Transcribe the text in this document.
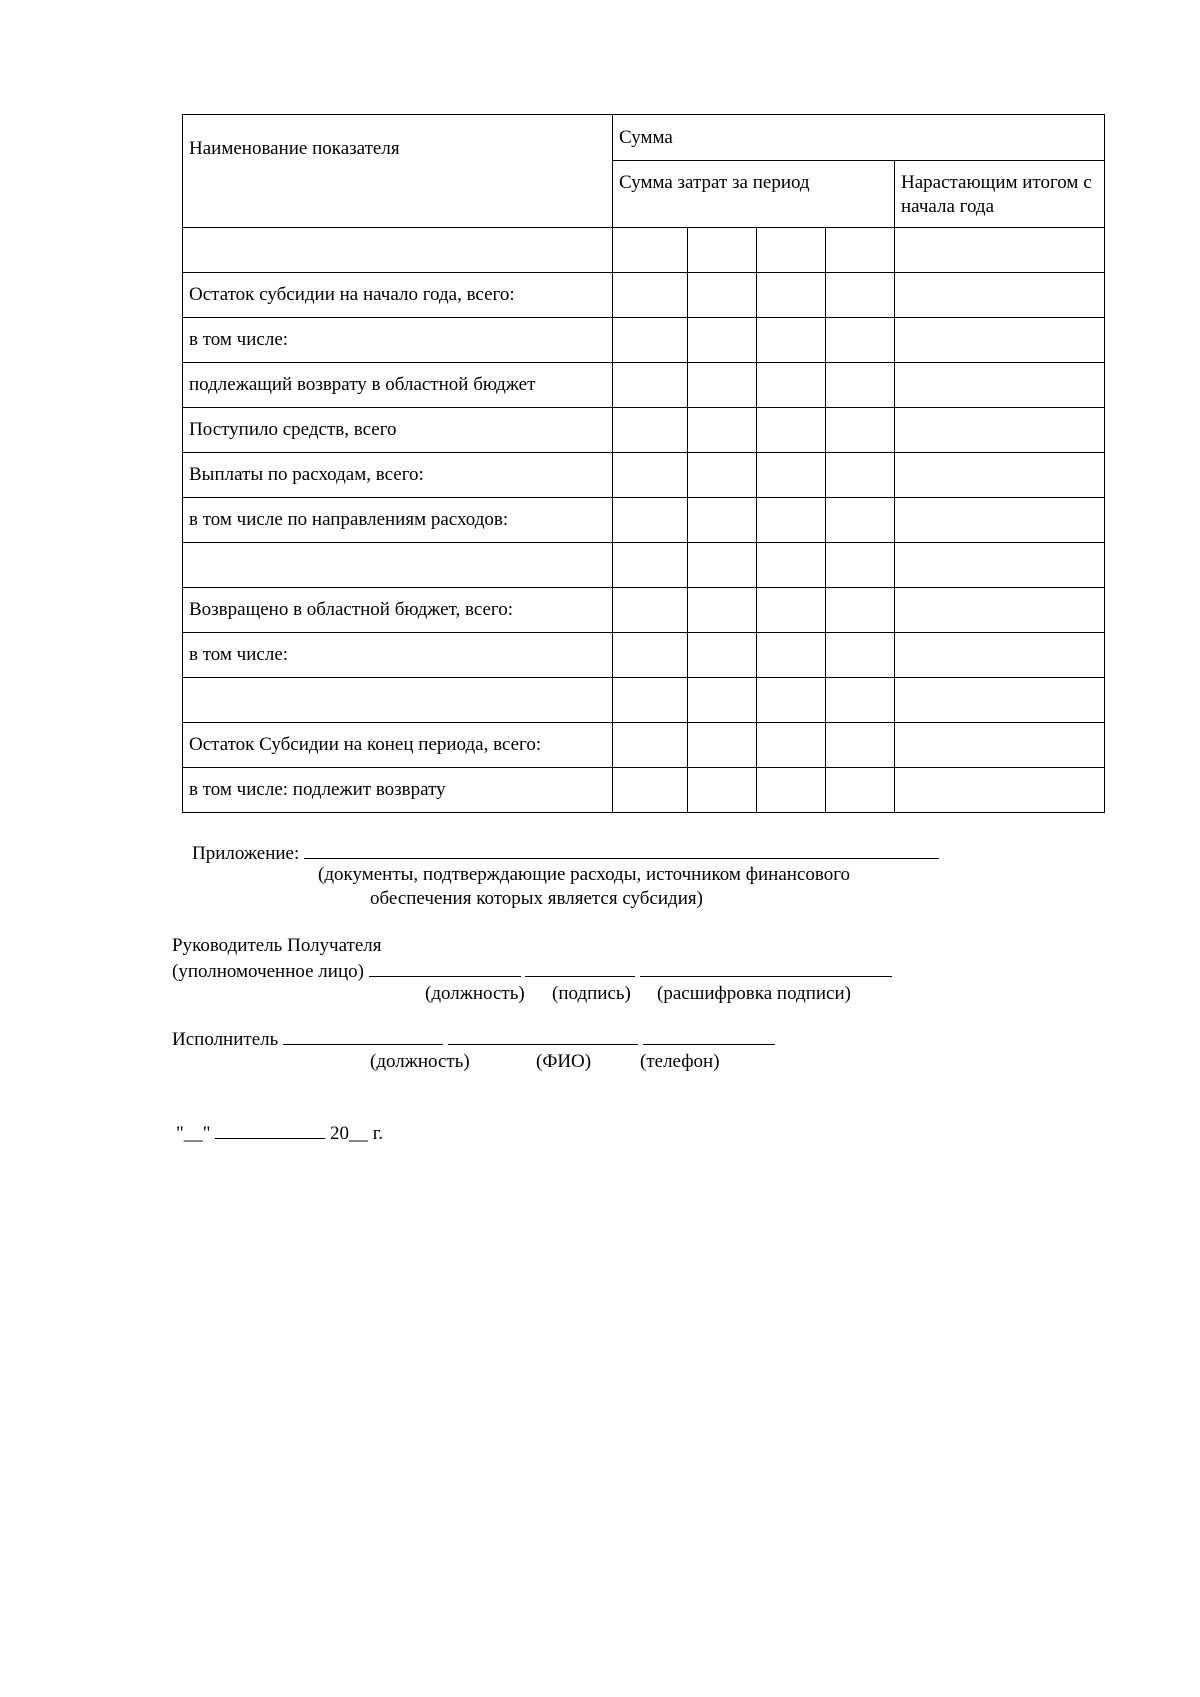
Наименование показателя	Сумма				
	Сумма затрат за период				Нарастающим итогом с начала года

Остаток субсидии на начало года, всего:					
в том числе:					
подлежащий возврату в областной бюджет					
Поступило средств, всего					
Выплаты по расходам, всего:					
в том числе по направлениям расходов:					

Возвращено в областной бюджет, всего:					
в том числе:					

Остаток Субсидии на конец периода, всего:					
в том числе: подлежит возврату					
Приложение:
(документы, подтверждающие расходы, источником финансового
обеспечения которых является субсидия)
Руководитель Получателя
(уполномоченное лицо)
(должность) (подпись) (расшифровка подписи)
Исполнитель
(должность)	(ФИО)	(телефон)
"__"	20__ г.
